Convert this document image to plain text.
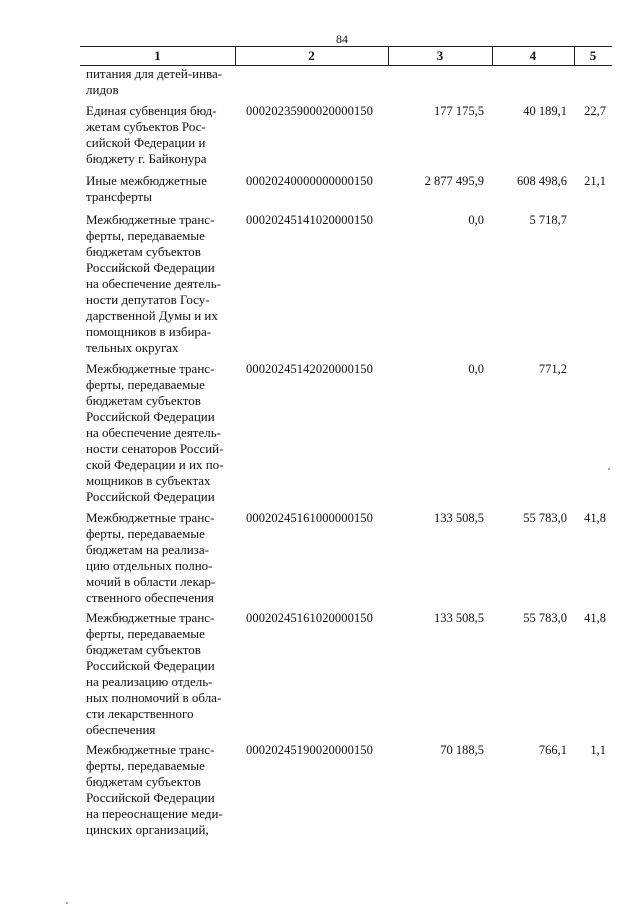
84
1	2	3	4	5
питания для детей-инва-
лидов
Единая субвенция бюд-
жетам субъектов Рос-
сийской Федерации и
бюджету г. Байконура
00020235900020000150	177 175,5	40 189,1 22,7
Иные межбюджетные
трансферты
00020240000000000150	2 877 495,9	608 498,6 21,1
Межбюджетные транс-
ферты, передаваемые
бюджетам субъектов
Российской Федерации
на обеспечение деятель-
ности депутатов Госу-
дарственной Думы и их
помощников в избира-
тельных округах
00020245141020000150	0,0	5 718,7
Межбюджетные транс-
ферты, передаваемые
бюджетам субъектов
Российской Федерации
на обеспечение деятель-
ности сенаторов Россий-
ской Федерации и их по-
мощников в субъектах
Российской Федерации
00020245142020000150	0,0	771,2
Межбюджетные транс-
ферты, передаваемые
бюджетам на реализа-
цию отдельных полно-
мочий в области лекар-
ственного обеспечения
00020245161000000150	133 508,5	55 783,0 41,8
Межбюджетные транс-
ферты, передаваемые
бюджетам субъектов
Российской Федерации
на реализацию отдель-
ных полномочий в обла-
сти лекарственного
обеспечения
00020245161020000150	133 508,5	55 783,0 41,8
Межбюджетные транс-
ферты, передаваемые
бюджетам субъектов
Российской Федерации
на переоснащение меди-
цинских организаций,
00020245190020000150	70 188,5	766,1 1,1
